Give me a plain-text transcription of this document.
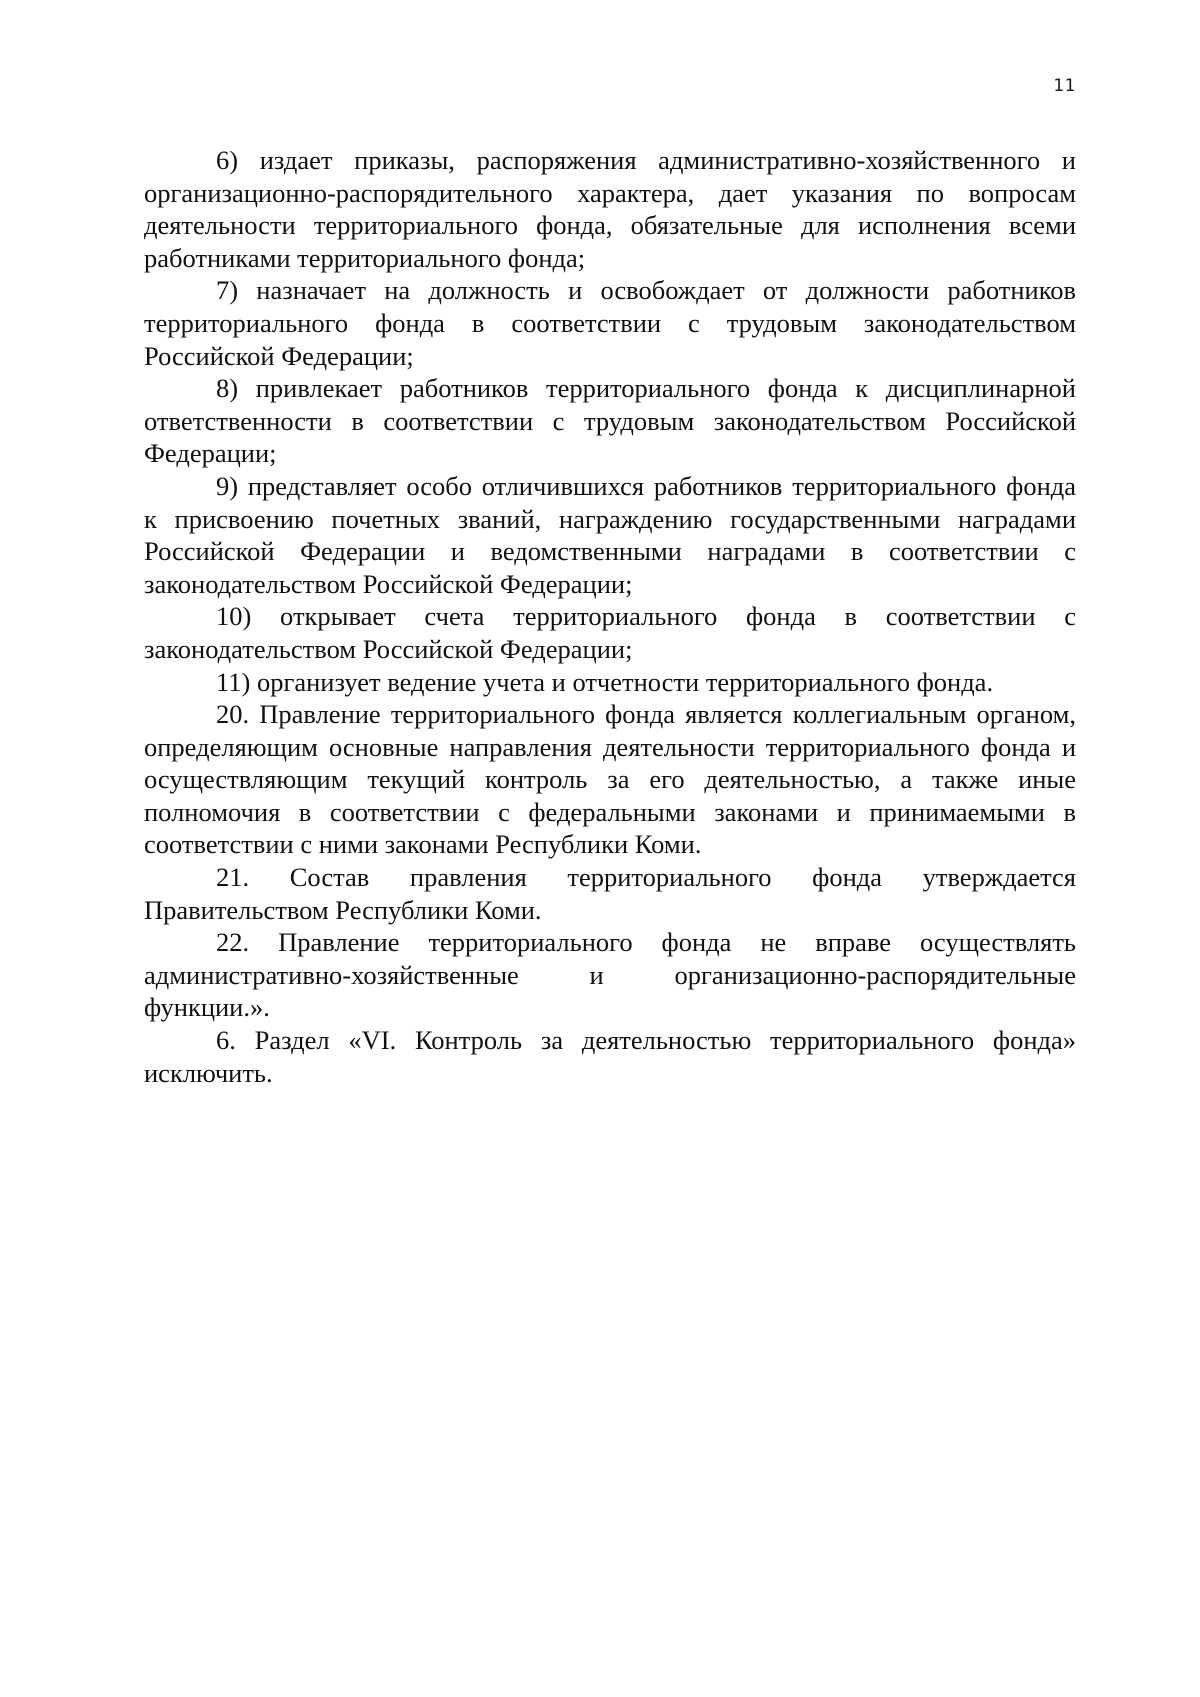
11

6) издает приказы, распоряжения административно-хозяйственного и организационно-распорядительного характера, дает указания по вопросам деятельности территориального фонда, обязательные для исполнения всеми работниками территориального фонда;

7) назначает на должность и освобождает от должности работников территориального фонда в соответствии с трудовым законодательством Российской Федерации;

8) привлекает работников территориального фонда к дисциплинарной ответственности в соответствии с трудовым законодательством Российской Федерации;

9) представляет особо отличившихся работников территориального фонда к присвоению почетных званий, награждению государственными наградами Российской Федерации и ведомственными наградами в соответствии с законодательством Российской Федерации;

10) открывает счета территориального фонда в соответствии с законодательством Российской Федерации;

11) организует ведение учета и отчетности территориального фонда.

20. Правление территориального фонда является коллегиальным органом, определяющим основные направления деятельности территориального фонда и осуществляющим текущий контроль за его деятельностью, а также иные полномочия в соответствии с федеральными законами и принимаемыми в соответствии с ними законами Республики Коми.

21. Состав правления территориального фонда утверждается Правительством Республики Коми.

22. Правление территориального фонда не вправе осуществлять административно-хозяйственные и организационно-распорядительные функции.».

6. Раздел «VI. Контроль за деятельностью территориального фонда» исключить.
